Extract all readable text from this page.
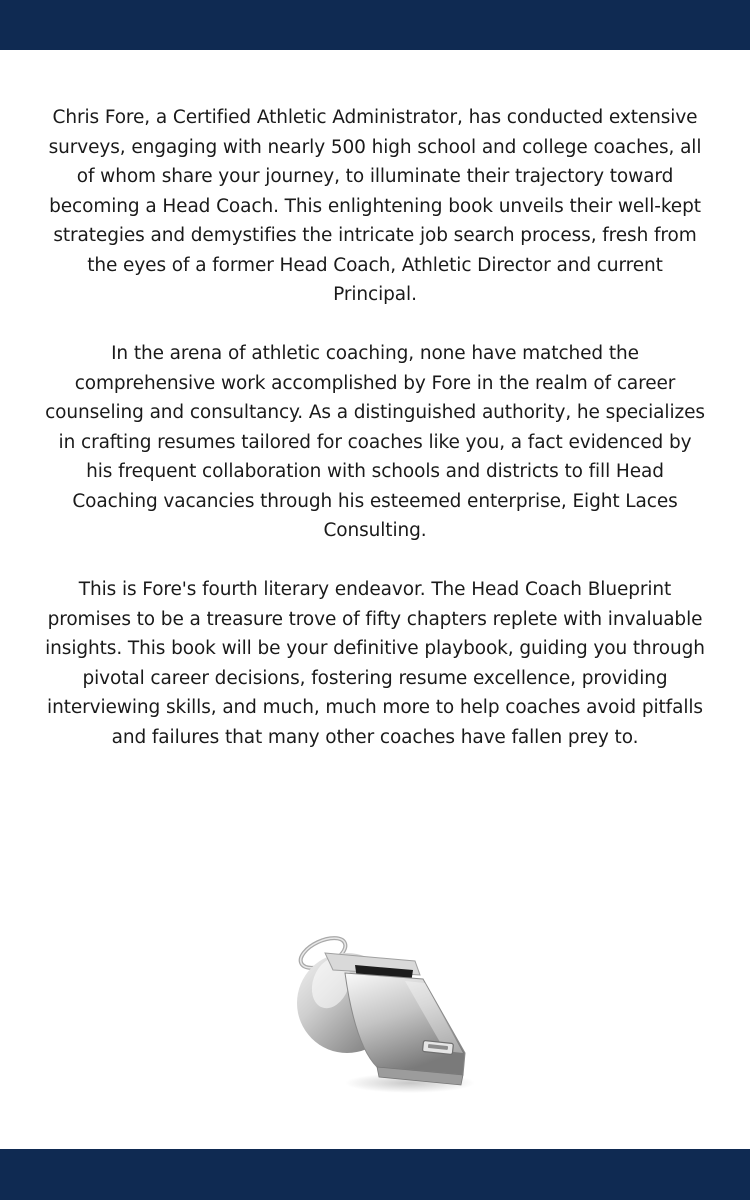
Chris Fore, a Certified Athletic Administrator, has conducted extensive surveys, engaging with nearly 500 high school and college coaches, all of whom share your journey, to illuminate their trajectory toward becoming a Head Coach. This enlightening book unveils their well-kept strategies and demystifies the intricate job search process, fresh from the eyes of a former Head Coach, Athletic Director and current Principal.

In the arena of athletic coaching, none have matched the comprehensive work accomplished by Fore in the realm of career counseling and consultancy. As a distinguished authority, he specializes in crafting resumes tailored for coaches like you, a fact evidenced by his frequent collaboration with schools and districts to fill Head Coaching vacancies through his esteemed enterprise, Eight Laces Consulting.

This is Fore's fourth literary endeavor. The Head Coach Blueprint promises to be a treasure trove of fifty chapters replete with invaluable insights. This book will be your definitive playbook, guiding you through pivotal career decisions, fostering resume excellence, providing interviewing skills, and much, much more to help coaches avoid pitfalls and failures that many other coaches have fallen prey to.
